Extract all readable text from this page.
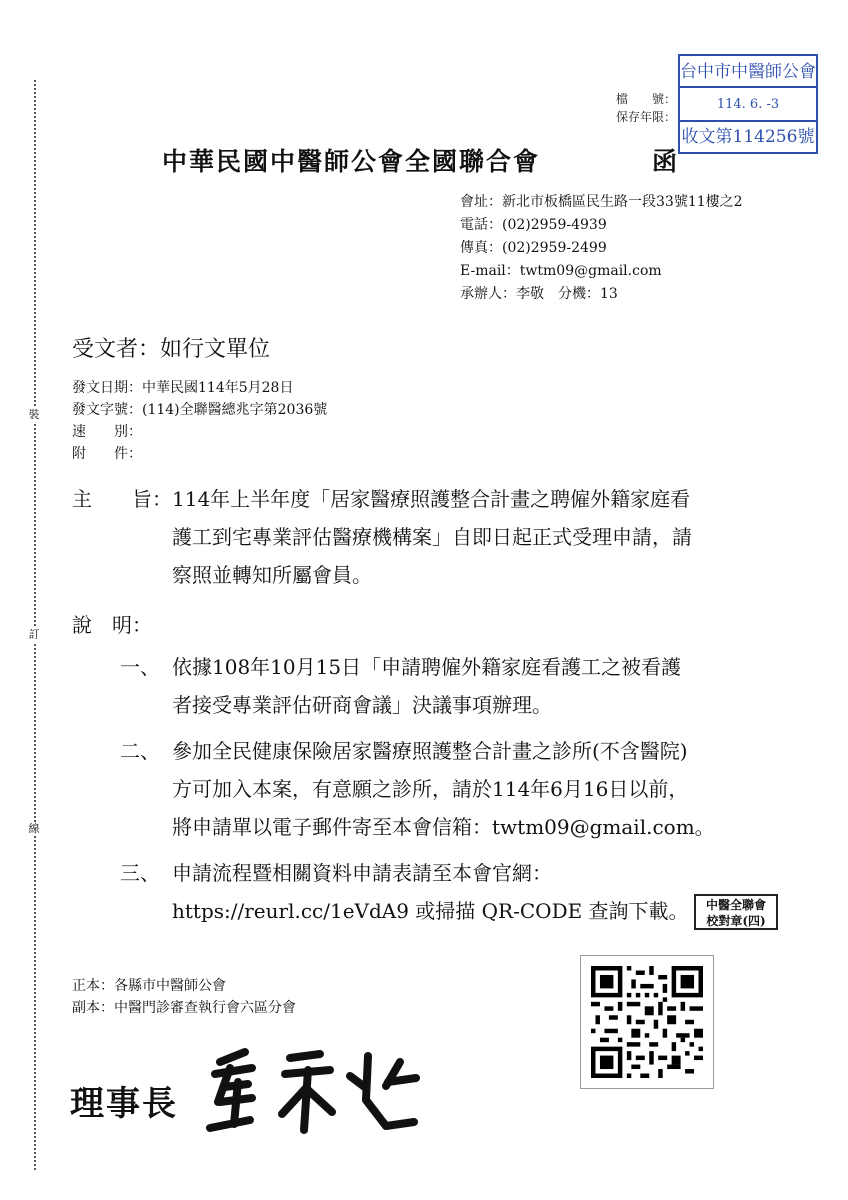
裝
訂
線
檔　　號：
保存年限：
台中市中醫師公會
114. 6. -3
收文第114256號
中華民國中醫師公會全國聯合會	函
會址：新北市板橋區民生路一段33號11樓之2
電話：(02)2959-4939
傳真：(02)2959-2499
E-mail：twtm09@gmail.com
承辦人：李敬　分機：13
受文者：如行文單位
發文日期：中華民國114年5月28日
發文字號：(114)全聯醫總兆字第2036號
速　　別：
附　　件：
主　　旨： 114年上半年度「居家醫療照護整合計畫之聘僱外籍家庭看
護工到宅專業評估醫療機構案」自即日起正式受理申請，請
察照並轉知所屬會員。
說　明：
一、 依據108年10月15日「申請聘僱外籍家庭看護工之被看護
者接受專業評估研商會議」決議事項辦理。
二、 參加全民健康保險居家醫療照護整合計畫之診所(不含醫院)
方可加入本案，有意願之診所，請於114年6月16日以前，
將申請單以電子郵件寄至本會信箱：twtm09@gmail.com。
三、 申請流程暨相關資料申請表請至本會官網：
https://reurl.cc/1eVdA9 或掃描 QR-CODE 查詢下載。	中醫全聯會
校對章(四)
正本：各縣市中醫師公會
副本：中醫門診審查執行會六區分會
理事長
